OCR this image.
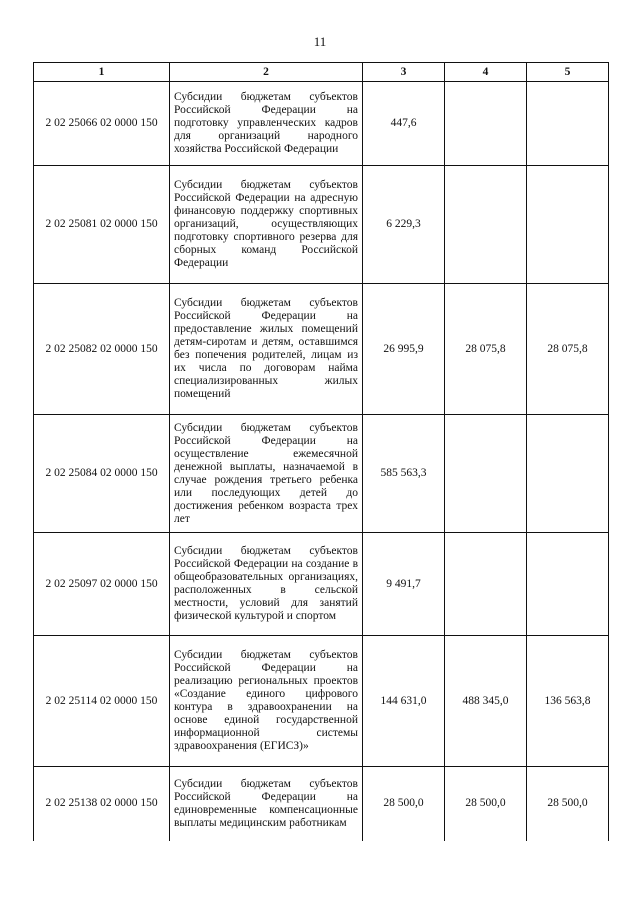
11
1	2	3	4	5
2 02 25066 02 0000 150	Субсидии бюджетам субъектов Российской Федерации на подготовку управленческих кадров для организаций народного хозяйства Российской Федерации	447,6		
2 02 25081 02 0000 150	Субсидии бюджетам субъектов Российской Федерации на адресную финансовую поддержку спортивных организаций, осуществляющих подготовку спортивного резерва для сборных команд Российской Федерации	6 229,3		
2 02 25082 02 0000 150	Субсидии бюджетам субъектов Российской Федерации на предоставление жилых помещений детям-сиротам и детям, оставшимся без попечения родителей, лицам из их числа по договорам найма специализированных жилых помещений	26 995,9	28 075,8	28 075,8
2 02 25084 02 0000 150	Субсидии бюджетам субъектов Российской Федерации на осуществление ежемесячной денежной выплаты, назначаемой в случае рождения третьего ребенка или последующих детей до достижения ребенком возраста трех лет	585 563,3		
2 02 25097 02 0000 150	Субсидии бюджетам субъектов Российской Федерации на создание в общеобразовательных организациях, расположенных в сельской местности, условий для занятий физической культурой и спортом	9 491,7		
2 02 25114 02 0000 150	Субсидии бюджетам субъектов Российской Федерации на реализацию региональных проектов «Создание единого цифрового контура в здравоохранении на основе единой государственной информационной системы здравоохранения (ЕГИСЗ)»	144 631,0	488 345,0	136 563,8
2 02 25138 02 0000 150	Субсидии бюджетам субъектов Российской Федерации на единовременные компенсационные выплаты медицинским работникам	28 500,0	28 500,0	28 500,0
